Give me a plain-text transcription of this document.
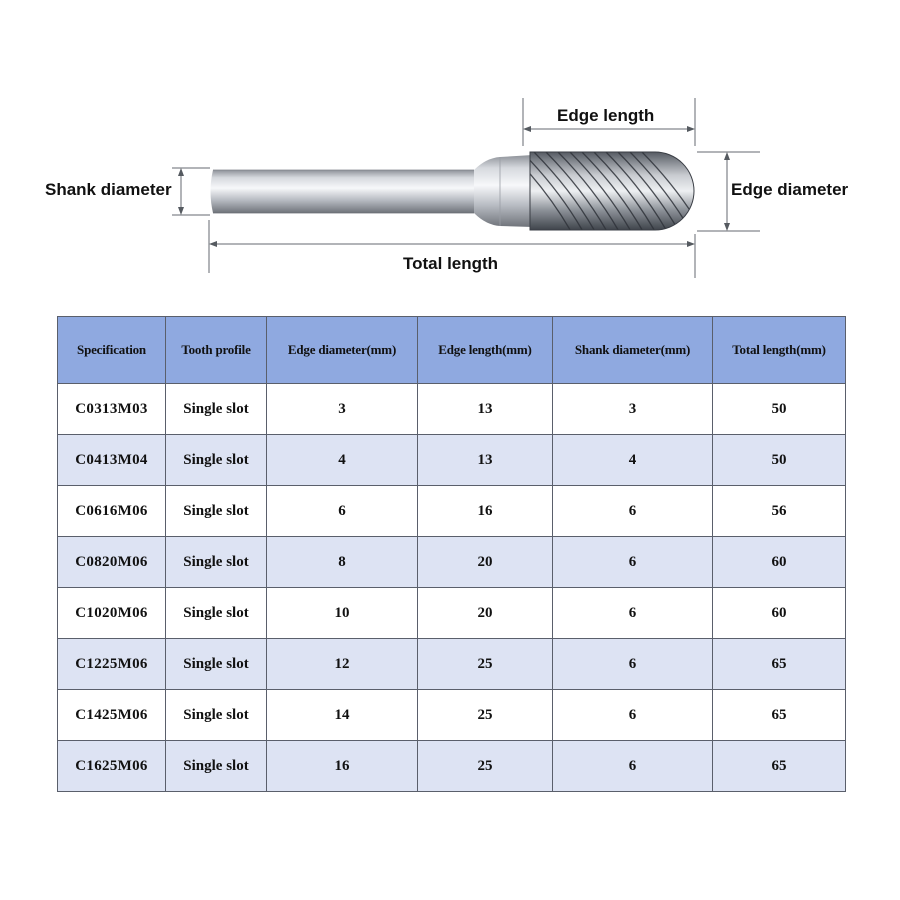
Edge length
Shank diameter	Edge diameter
Total length
Specification	Tooth profile	Edge diameter(mm)	Edge length(mm)	Shank diameter(mm)	Total length(mm)
C0313M03	Single slot	3	13	3	50
C0413M04	Single slot	4	13	4	50
C0616M06	Single slot	6	16	6	56
C0820M06	Single slot	8	20	6	60
C1020M06	Single slot	10	20	6	60
C1225M06	Single slot	12	25	6	65
C1425M06	Single slot	14	25	6	65
C1625M06	Single slot	16	25	6	65
